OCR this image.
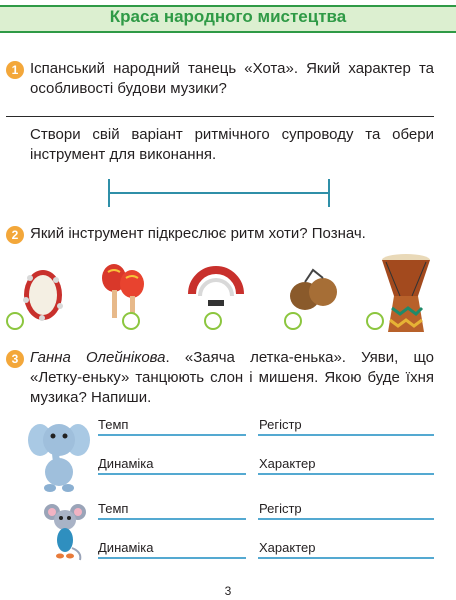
Краса народного мистецтва
1 Іспанський народний танець «Хота». Який характер та особливості будови музики?
Створи свій варіант ритмічного супроводу та обери інструмент для виконання.
2 Який інструмент підкреслює ритм хоти? Познач.
3 Ганна Олейнікова. «Заяча летка-енька». Уяви, що «Летку-еньку» танцюють слон і мишеня. Якою буде їхня музика? Напиши.
Темп	Регістр
Динаміка	Характер
Темп	Регістр
Динаміка	Характер
3
